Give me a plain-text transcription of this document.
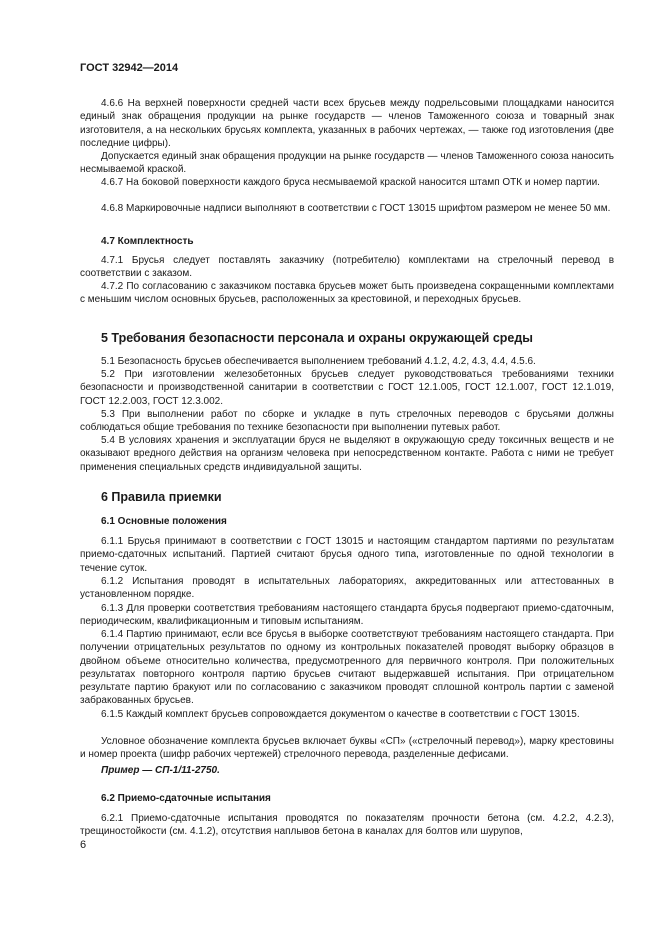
ГОСТ 32942—2014

4.6.6 На верхней поверхности средней части всех брусьев между подрельсовыми площадками наносится единый знак обращения продукции на рынке государств — членов Таможенного союза и товарный знак изготовителя, а на нескольких брусьях комплекта, указанных в рабочих чертежах, — также год изготовления (две последние цифры).

Допускается единый знак обращения продукции на рынке государств — членов Таможенного союза наносить несмываемой краской.

4.6.7 На боковой поверхности каждого бруса несмываемой краской наносится штамп ОТК и номер партии.

4.6.8 Маркировочные надписи выполняют в соответствии с ГОСТ 13015 шрифтом размером не менее 50 мм.

4.7 Комплектность

4.7.1 Брусья следует поставлять заказчику (потребителю) комплектами на стрелочный перевод в соответствии с заказом.

4.7.2 По согласованию с заказчиком поставка брусьев может быть произведена сокращенными комплектами с меньшим числом основных брусьев, расположенных за крестовиной, и переходных брусьев.

5 Требования безопасности персонала и охраны окружающей среды

5.1 Безопасность брусьев обеспечивается выполнением требований 4.1.2, 4.2, 4.3, 4.4, 4.5.6.

5.2 При изготовлении железобетонных брусьев следует руководствоваться требованиями техники безопасности и производственной санитарии в соответствии с ГОСТ 12.1.005, ГОСТ 12.1.007, ГОСТ 12.1.019, ГОСТ 12.2.003, ГОСТ 12.3.002.

5.3 При выполнении работ по сборке и укладке в путь стрелочных переводов с брусьями должны соблюдаться общие требования по технике безопасности при выполнении путевых работ.

5.4 В условиях хранения и эксплуатации бруся не выделяют в окружающую среду токсичных веществ и не оказывают вредного действия на организм человека при непосредственном контакте. Работа с ними не требует применения специальных средств индивидуальной защиты.

6 Правила приемки
6.1 Основные положения

6.1.1 Брусья принимают в соответствии с ГОСТ 13015 и настоящим стандартом партиями по результатам приемо-сдаточных испытаний. Партией считают брусья одного типа, изготовленные по одной технологии в течение суток.

6.1.2 Испытания проводят в испытательных лабораториях, аккредитованных или аттестованных в установленном порядке.

6.1.3 Для проверки соответствия требованиям настоящего стандарта брусья подвергают приемо-сдаточным, периодическим, квалификационным и типовым испытаниям.

6.1.4 Партию принимают, если все брусья в выборке соответствуют требованиям настоящего стандарта. При получении отрицательных результатов по одному из контрольных показателей проводят выборку образцов в двойном объеме относительно количества, предусмотренного для первичного контроля. При положительных результатах повторного контроля партию брусьев считают выдержавшей испытания. При отрицательном результате партию бракуют или по согласованию с заказчиком проводят сплошной контроль партии с заменой забракованных брусьев.

6.1.5 Каждый комплект брусьев сопровождается документом о качестве в соответствии с ГОСТ 13015.

Условное обозначение комплекта брусьев включает буквы «СП» («стрелочный перевод»), марку крестовины и номер проекта (шифр рабочих чертежей) стрелочного перевода, разделенные дефисами.

Пример — СП-1/11-2750.
6.2 Приемо-сдаточные испытания

6.2.1 Приемо-сдаточные испытания проводятся по показателям прочности бетона (см. 4.2.2, 4.2.3), трещиностойкости (см. 4.1.2), отсутствия наплывов бетона в каналах для болтов или шурупов,

6
